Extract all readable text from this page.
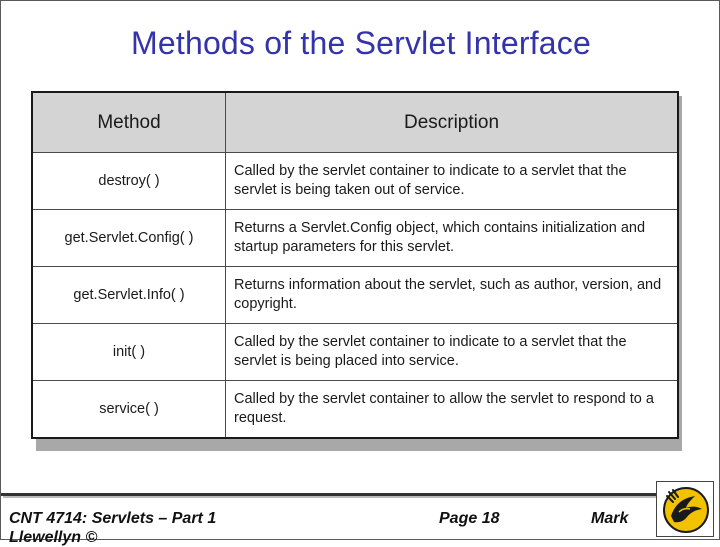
Methods of the Servlet Interface
Method	Description
destroy( )	Called by the servlet container to indicate to a servlet that the servlet is being taken out of service.
get.Servlet.Config( )	Returns a Servlet.Config object, which contains initialization and startup parameters for this servlet.
get.Servlet.Info( )	Returns information about the servlet, such as author, version, and copyright.
init( )	Called by the servlet container to indicate to a servlet that the servlet is being placed into service.
service( )	Called by the servlet container to allow the servlet to respond to a request.
CNT 4714: Servlets – Part 1	Page 18	Mark
Llewellyn ©
